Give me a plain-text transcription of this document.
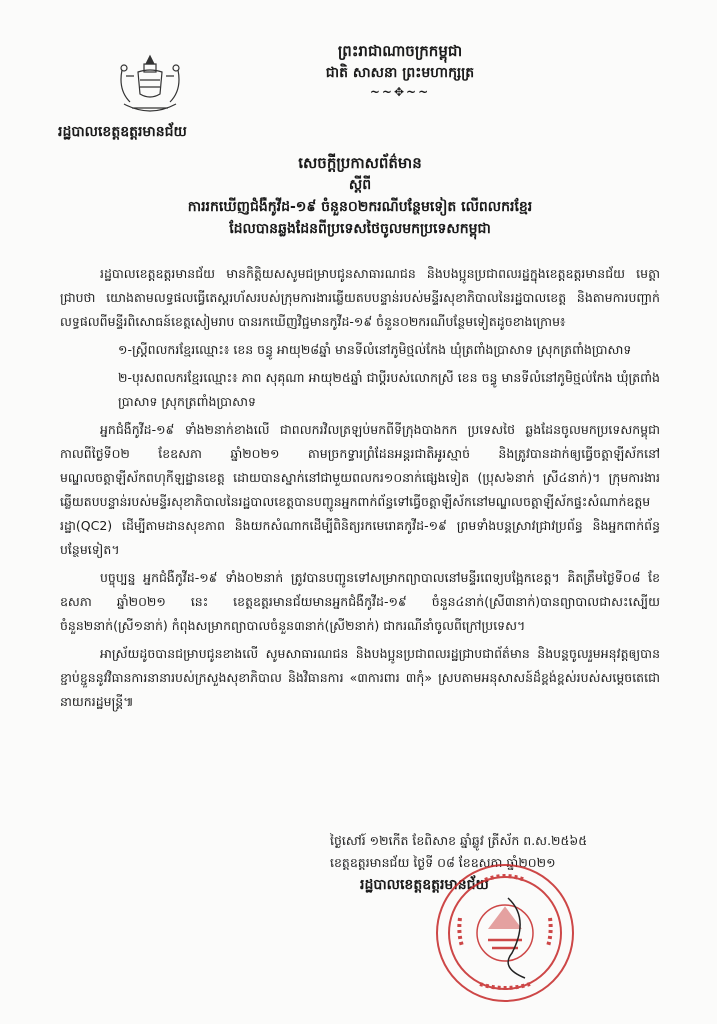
ព្រះរាជាណាចក្រកម្ពុជា
ជាតិ សាសនា ព្រះមហាក្សត្រ
~~✥~~
រដ្ឋបាលខេត្តឧត្តរមានជ័យ
សេចក្ដីប្រកាសព័ត៌មាន
ស្ដីពី
ការរកឃើញជំងឺកូវីដ-១៩ ចំនួន០២ករណីបន្ថែមទៀត លើពលករខ្មែរ
ដែលបានឆ្លងដែនពីប្រទេសថៃចូលមកប្រទេសកម្ពុជា

រដ្ឋបាលខេត្តឧត្តរមានជ័យ មានកិត្តិយសសូមជម្រាបជូនសាធារណជន និងបងប្អូនប្រជាពលរដ្ឋក្នុងខេត្តឧត្តរមានជ័យ មេត្តាជ្រាបថា យោងតាមលទ្ធផលធ្វើតេស្តរហ័សរបស់ក្រុមការងារឆ្លើយតបបន្ទាន់របស់មន្ទីរសុខាភិបាលនៃរដ្ឋបាលខេត្ត និងតាមការបញ្ជាក់លទ្ធផលពីមន្ទីរពិសោធន៍ខេត្តសៀមរាប បានរកឃើញវិជ្ជមានកូវីដ-១៩ ចំនួន០២ករណីបន្ថែមទៀតដូចខាងក្រោម៖

១-ស្ត្រីពលករខ្មែរឈ្មោះ៖ ខេន ចន្ធូ អាយុ២៨ឆ្នាំ មានទីលំនៅភូមិថ្មល់កែង ឃុំត្រពាំងប្រាសាទ ស្រុកត្រពាំងប្រាសាទ

២-បុរសពលករខ្មែរឈ្មោះ៖ ភាព សុគុណា អាយុ២៥ឆ្នាំ ជាប្ដីរបស់លោកស្រី ខេន ចន្ធូ មានទីលំនៅភូមិថ្មល់កែង ឃុំត្រពាំងប្រាសាទ ស្រុកត្រពាំងប្រាសាទ

អ្នកជំងឺកូវីដ-១៩ ទាំង២នាក់ខាងលើ ជាពលករវិលត្រឡប់មកពីទីក្រុងបាងកក ប្រទេសថៃ ឆ្លងដែនចូលមកប្រទេសកម្ពុជាកាលពីថ្ងៃទី០២ ខែឧសភា ឆ្នាំ២០២១ តាមច្រកទ្វារព្រំដែនអន្តរជាតិអូរស្មាច់ និងត្រូវបានដាក់ឲ្យធ្វើចត្តាឡីស័កនៅមណ្ឌលចត្តាឡីស័កពហុកីឡដ្ឋានខេត្ត ដោយបានស្នាក់នៅជាមួយពលករ១០នាក់ផ្សេងទៀត (ប្រុស៦នាក់ ស្រី៤នាក់)។ ក្រុមការងារឆ្លើយតបបន្ទាន់របស់មន្ទីរសុខាភិបាលនៃរដ្ឋបាលខេត្តបានបញ្ជូនអ្នកពាក់ព័ន្ធទៅធ្វើចត្តាឡីស័កនៅមណ្ឌលចត្តាឡីស័កផ្ទះសំណាក់ឧត្តមរដ្ឋា(QC2) ដើម្បីតាមដានសុខភាព និងយកសំណាកដើម្បីពិនិត្យរកមេរោគកូវីដ-១៩ ព្រមទាំងបន្តស្រាវជ្រាវប្រព័ន្ធ និងអ្នកពាក់ព័ន្ធបន្ថែមទៀត។

បច្ចុប្បន្ន អ្នកជំងឺកូវីដ-១៩ ទាំង០២នាក់ ត្រូវបានបញ្ជូនទៅសម្រាកព្យាបាលនៅមន្ទីរពេទ្យបង្អែកខេត្ត។ គិតត្រឹមថ្ងៃទី០៨ ខែឧសភា ឆ្នាំ២០២១ នេះ ខេត្តឧត្តរមានជ័យមានអ្នកជំងឺកូវីដ-១៩ ចំនួន៤នាក់(ស្រី៣នាក់)បានព្យាបាលជាសះស្បើយចំនួន២នាក់(ស្រី១នាក់) កំពុងសម្រាកព្យាបាលចំនួន៣នាក់(ស្រី២នាក់) ជាករណីនាំចូលពីក្រៅប្រទេស។

អាស្រ័យដូចបានជម្រាបជូនខាងលើ សូមសាធារណជន និងបងប្អូនប្រជាពលរដ្ឋជ្រាបជាព័ត៌មាន និងបន្តចូលរួមអនុវត្តឲ្យបានខ្ជាប់ខ្ជួននូវវិធានការនានារបស់ក្រសួងសុខាភិបាល និងវិធានការ «៣ការពារ ៣កុំ» ស្របតាមអនុសាសន៍ដ៏ខ្ពង់ខ្ពស់របស់សម្ដេចតេជោនាយករដ្ឋមន្ត្រី៕

ថ្ងៃសៅរ៍ ១២កើត ខែពិសាខ ឆ្នាំឆ្លូវ ត្រីស័ក ព.ស.២៥៦៥
ខេត្តឧត្តរមានជ័យ ថ្ងៃទី ០៨ ខែឧសភា ឆ្នាំ២០២១
រដ្ឋបាលខេត្តឧត្តរមានជ័យ
